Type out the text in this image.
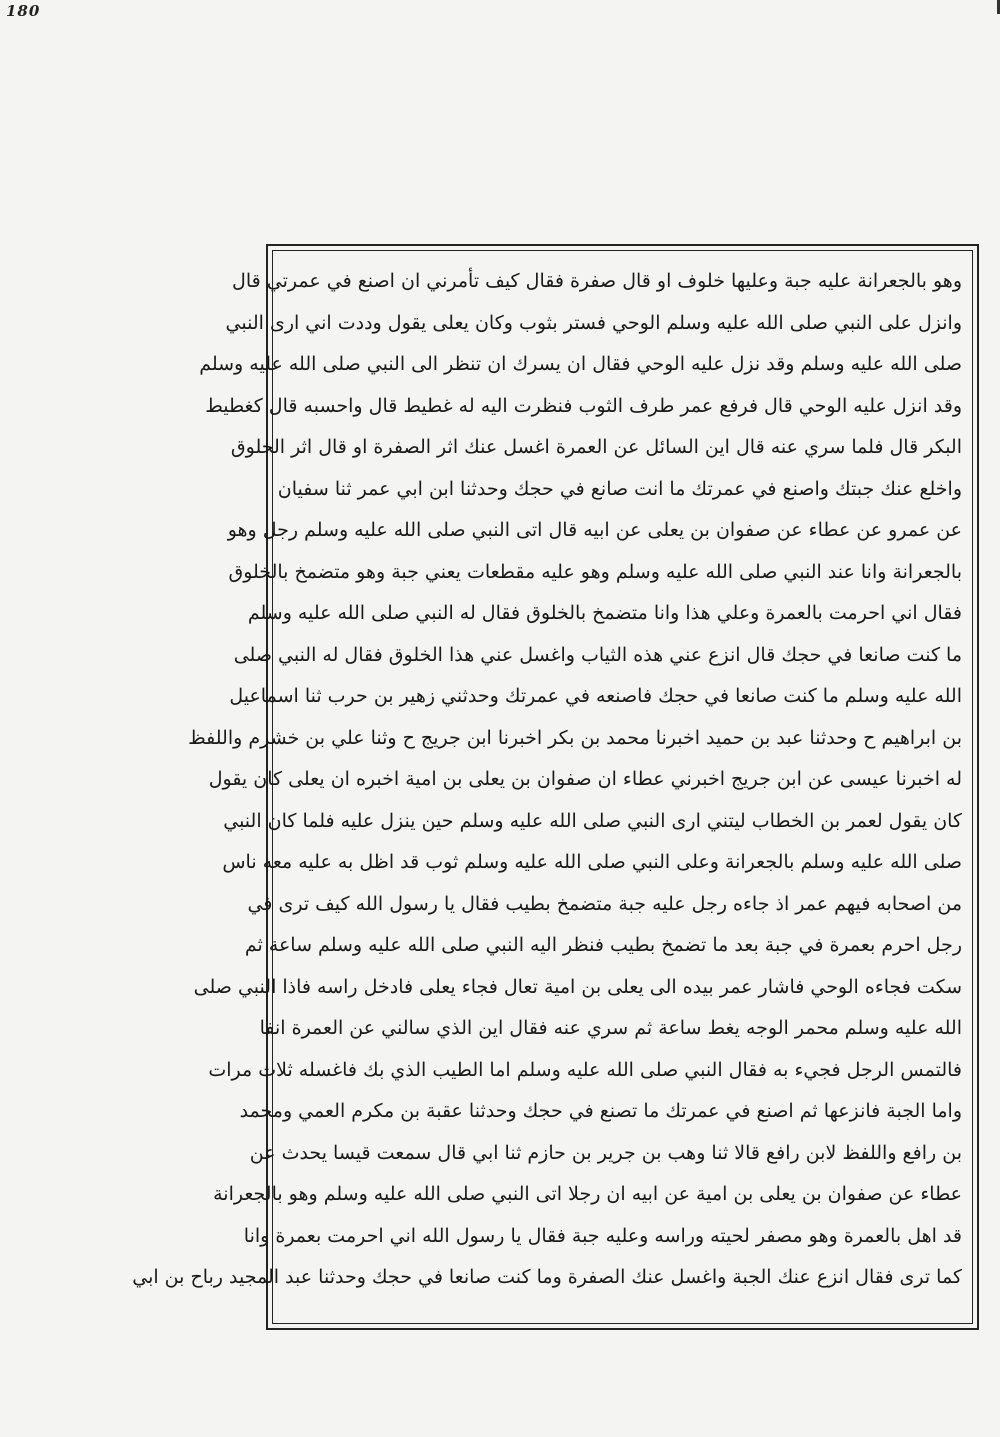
180
وهو بالجعرانة عليه جبة وعليها خلوف او قال صفرة فقال كيف تأمرني ان اصنع في عمرتي قال
وانزل على النبي صلى الله عليه وسلم الوحي فستر بثوب وكان يعلى يقول وددت اني ارى النبي
صلى الله عليه وسلم وقد نزل عليه الوحي فقال ان يسرك ان تنظر الى النبي صلى الله عليه وسلم
وقد انزل عليه الوحي قال فرفع عمر طرف الثوب فنظرت اليه له غطيط قال واحسبه قال كغطيط
البكر قال فلما سري عنه قال اين السائل عن العمرة اغسل عنك اثر الصفرة او قال اثر الخلوق
واخلع عنك جبتك واصنع في عمرتك ما انت صانع في حجك وحدثنا ابن ابي عمر ثنا سفيان
عن عمرو عن عطاء عن صفوان بن يعلى عن ابيه قال اتى النبي صلى الله عليه وسلم رجل وهو
بالجعرانة وانا عند النبي صلى الله عليه وسلم وهو عليه مقطعات يعني جبة وهو متضمخ بالخلوق
فقال اني احرمت بالعمرة وعلي هذا وانا متضمخ بالخلوق فقال له النبي صلى الله عليه وسلم
ما كنت صانعا في حجك قال انزع عني هذه الثياب واغسل عني هذا الخلوق فقال له النبي صلى
الله عليه وسلم ما كنت صانعا في حجك فاصنعه في عمرتك وحدثني زهير بن حرب ثنا اسماعيل
بن ابراهيم ح وحدثنا عبد بن حميد اخبرنا محمد بن بكر اخبرنا ابن جريج ح وثنا علي بن خشرم واللفظ
له اخبرنا عيسى عن ابن جريج اخبرني عطاء ان صفوان بن يعلى بن امية اخبره ان يعلى كان يقول
كان يقول لعمر بن الخطاب ليتني ارى النبي صلى الله عليه وسلم حين ينزل عليه فلما كان النبي
صلى الله عليه وسلم بالجعرانة وعلى النبي صلى الله عليه وسلم ثوب قد اظل به عليه معه ناس
من اصحابه فيهم عمر اذ جاءه رجل عليه جبة متضمخ بطيب فقال يا رسول الله كيف ترى في
رجل احرم بعمرة في جبة بعد ما تضمخ بطيب فنظر اليه النبي صلى الله عليه وسلم ساعة ثم
سكت فجاءه الوحي فاشار عمر بيده الى يعلى بن امية تعال فجاء يعلى فادخل راسه فاذا النبي صلى
الله عليه وسلم محمر الوجه يغط ساعة ثم سري عنه فقال اين الذي سالني عن العمرة انفا
فالتمس الرجل فجيء به فقال النبي صلى الله عليه وسلم اما الطيب الذي بك فاغسله ثلاث مرات
واما الجبة فانزعها ثم اصنع في عمرتك ما تصنع في حجك وحدثنا عقبة بن مكرم العمي ومحمد
بن رافع واللفظ لابن رافع قالا ثنا وهب بن جرير بن حازم ثنا ابي قال سمعت قيسا يحدث عن
عطاء عن صفوان بن يعلى بن امية عن ابيه ان رجلا اتى النبي صلى الله عليه وسلم وهو بالجعرانة
قد اهل بالعمرة وهو مصفر لحيته وراسه وعليه جبة فقال يا رسول الله اني احرمت بعمرة وانا
كما ترى فقال انزع عنك الجبة واغسل عنك الصفرة وما كنت صانعا في حجك وحدثنا عبد المجيد رباح بن ابي
